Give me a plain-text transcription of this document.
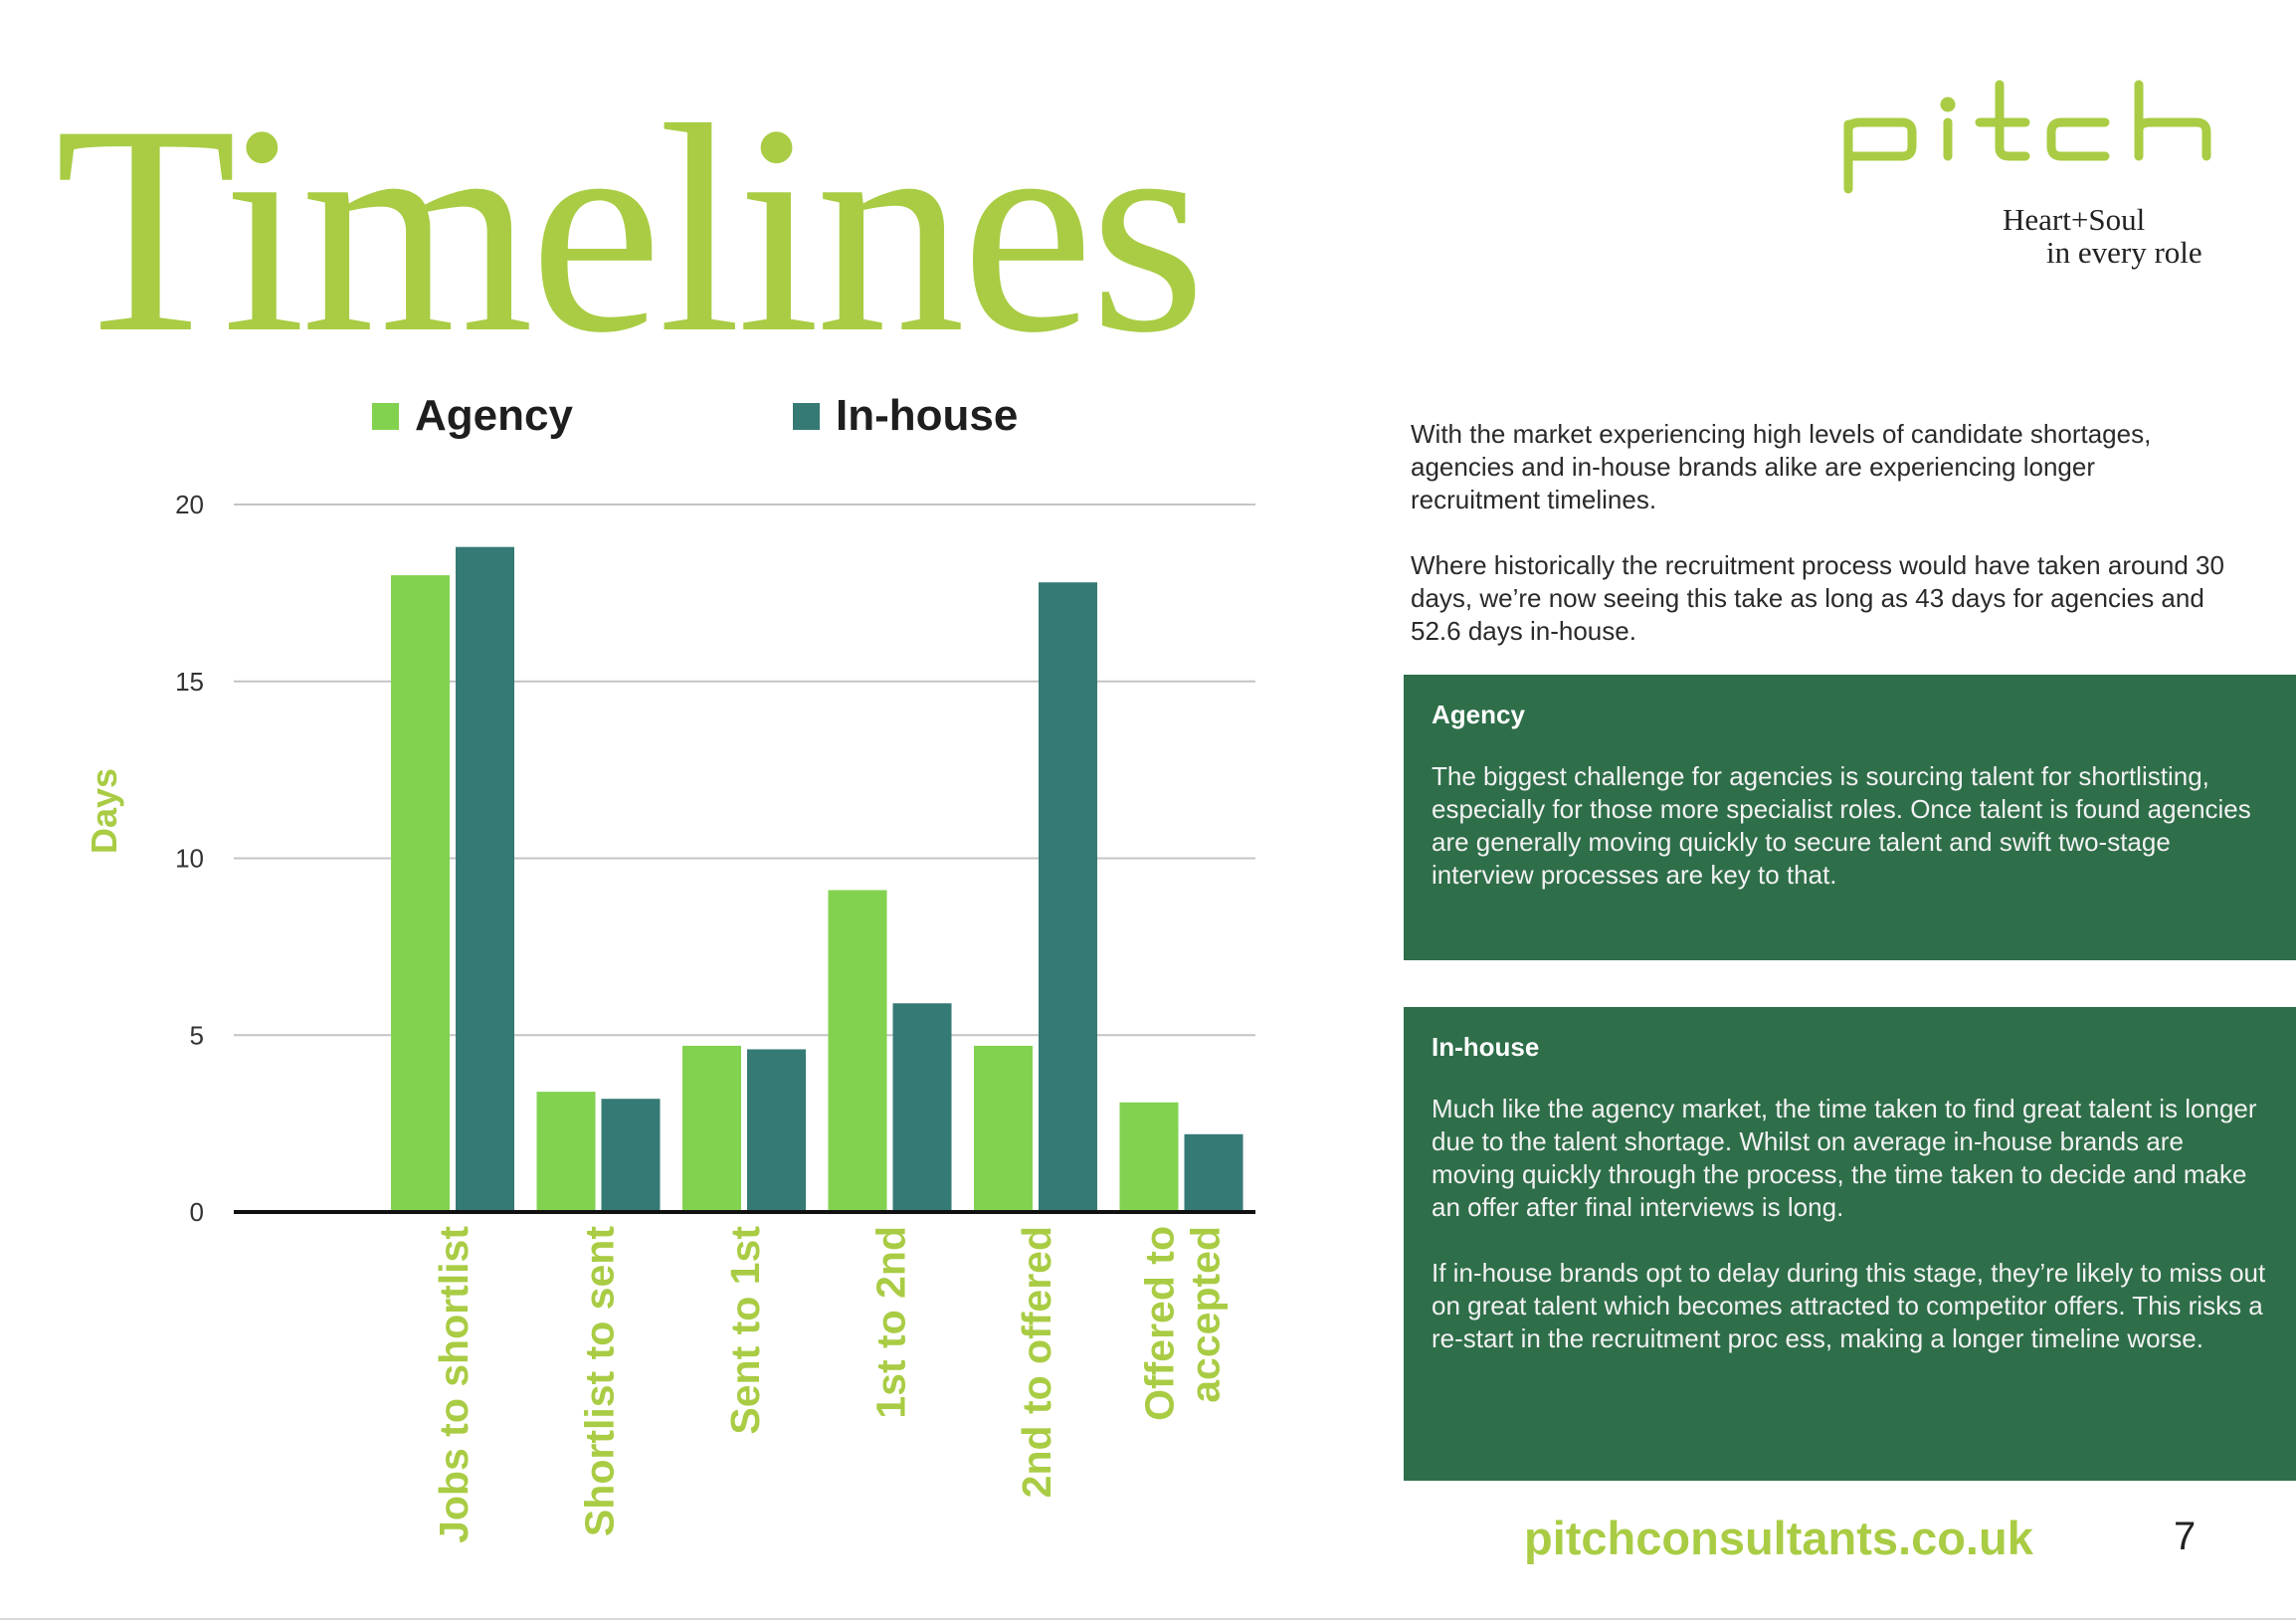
Timelines	Heart+Soul
in every role
Agency	In-house
0
5
10
15
20
Days
Jobs to shortlist Shortlist to sent Sent to 1st 1st to 2nd 2nd to offered Offered to accepted

With the market experiencing high levels of candidate shortages, agencies and in-house brands alike are experiencing longer recruitment timelines.

Where historically the recruitment process would have taken around 30 days, we’re now seeing this take as long as 43 days for agencies and 52.6 days in-house.

Agency

The biggest challenge for agencies is sourcing talent for shortlisting, especially for those more specialist roles. Once talent is found agencies are generally moving quickly to secure talent and swift two-stage interview processes are key to that.

In-house

Much like the agency market, the time taken to find great talent is longer due to the talent shortage. Whilst on average in-house brands are moving quickly through the process, the time taken to decide and make an offer after final interviews is long.

If in-house brands opt to delay during this stage, they’re likely to miss out on great talent which becomes attracted to competitor offers. This risks a re-start in the recruitment proc ess, making a longer timeline worse.

pitchconsultants.co.uk	7
